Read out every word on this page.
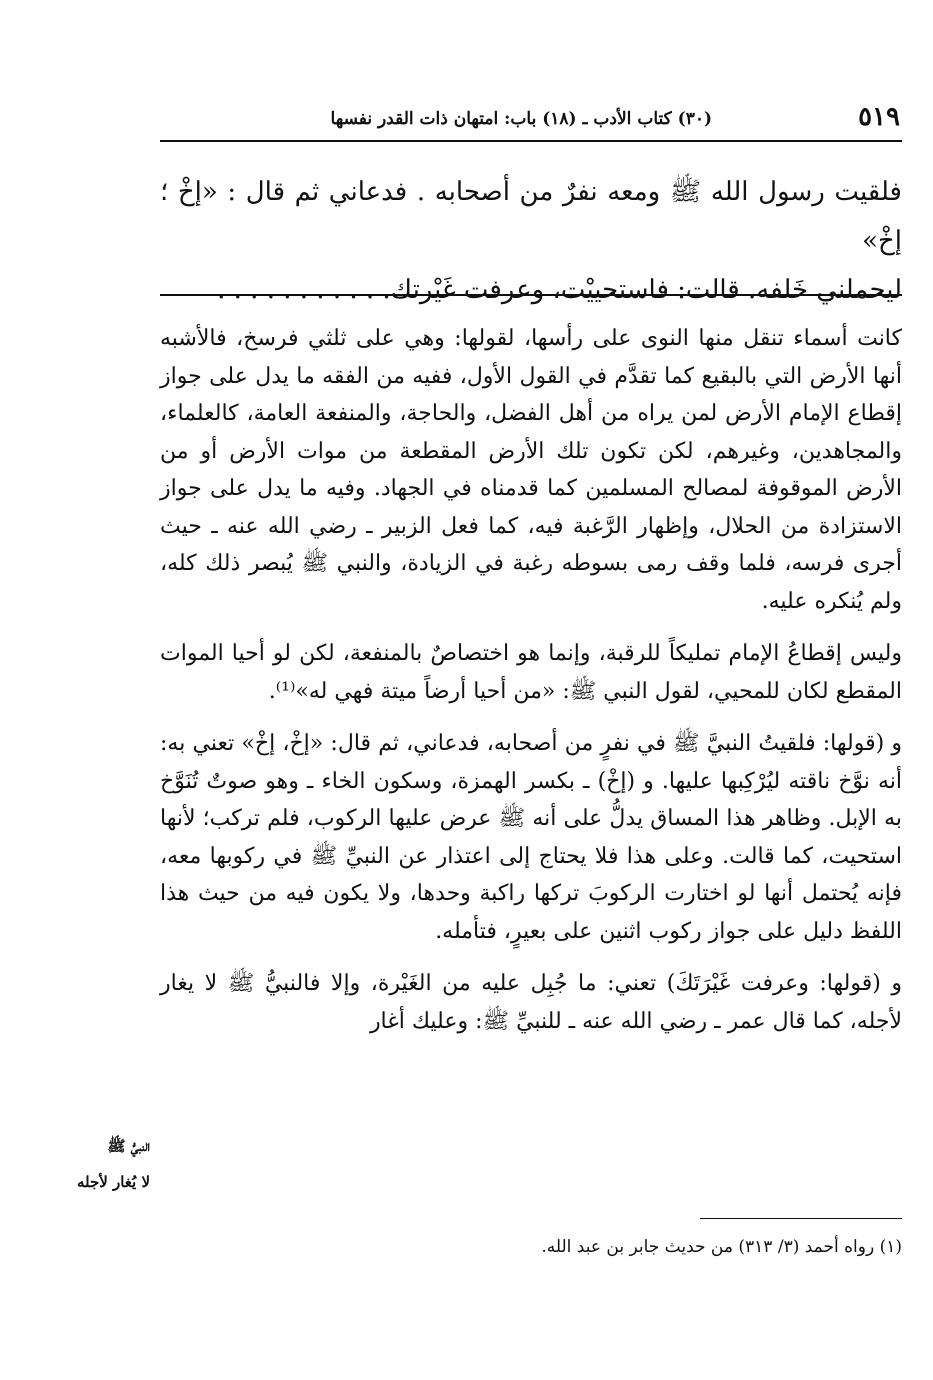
٥١٩
(٣٠) كتاب الأدب ـ (١٨) باب: امتهان ذات القدر نفسها

فلقيت رسول الله ﷺ ومعه نفرٌ من أصحابه . فدعاني ثم قال : «إخْ ؛ إخْ»

ليحملني خَلفه. قالت: فاستحييْت، وعرفت غَيْرتك. . . . . . . . . . .

كانت أسماء تنقل منها النوى على رأسها، لقولها: وهي على ثلثي فرسخ، فالأشبه أنها الأرض التي بالبقيع كما تقدَّم في القول الأول، ففيه من الفقه ما يدل على جواز إقطاع الإمام الأرض لمن يراه من أهل الفضل، والحاجة، والمنفعة العامة، كالعلماء، والمجاهدين، وغيرهم، لكن تكون تلك الأرض المقطعة من موات الأرض أو من الأرض الموقوفة لمصالح المسلمين كما قدمناه في الجهاد. وفيه ما يدل على جواز الاستزادة من الحلال، وإظهار الرَّغبة فيه، كما فعل الزبير ـ رضي الله عنه ـ حيث أجرى فرسه، فلما وقف رمى بسوطه رغبة في الزيادة، والنبي ﷺ يُبصر ذلك كله، ولم يُنكره عليه.

وليس إقطاعُ الإمام تمليكاً للرقبة، وإنما هو اختصاصٌ بالمنفعة، لكن لو أحيا الموات المقطع لكان للمحيي، لقول النبي ﷺ: «من أحيا أرضاً ميتة فهي له»⁽¹⁾.

و (قولها: فلقيتُ النبيَّ ﷺ في نفرٍ من أصحابه، فدعاني، ثم قال: «إخْ، إخْ» تعني به: أنه نوَّخ ناقته ليُرْكِبها عليها. و (إخْ) ـ بكسر الهمزة، وسكون الخاء ـ وهو صوتٌ تُنَوَّخ به الإبل. وظاهر هذا المساق يدلُّ على أنه ﷺ عرض عليها الركوب، فلم تركب؛ لأنها استحيت، كما قالت. وعلى هذا فلا يحتاج إلى اعتذار عن النبيِّ ﷺ في ركوبها معه، فإنه يُحتمل أنها لو اختارت الركوبَ تركها راكبة وحدها، ولا يكون فيه من حيث هذا اللفظ دليل على جواز ركوب اثنين على بعيرٍ، فتأمله.

و (قولها: وعرفت غَيْرَتَكَ) تعني: ما جُبِل عليه من الغَيْرة، وإلا فالنبيُّ ﷺ لا يغار لأجله، كما قال عمر ـ رضي الله عنه ـ للنبيِّ ﷺ: وعليك أغار

النبيُّ ﷺ
لا يُغار لأجله
(١) رواه أحمد (٣/ ٣١٣) من حديث جابر بن عبد الله.
